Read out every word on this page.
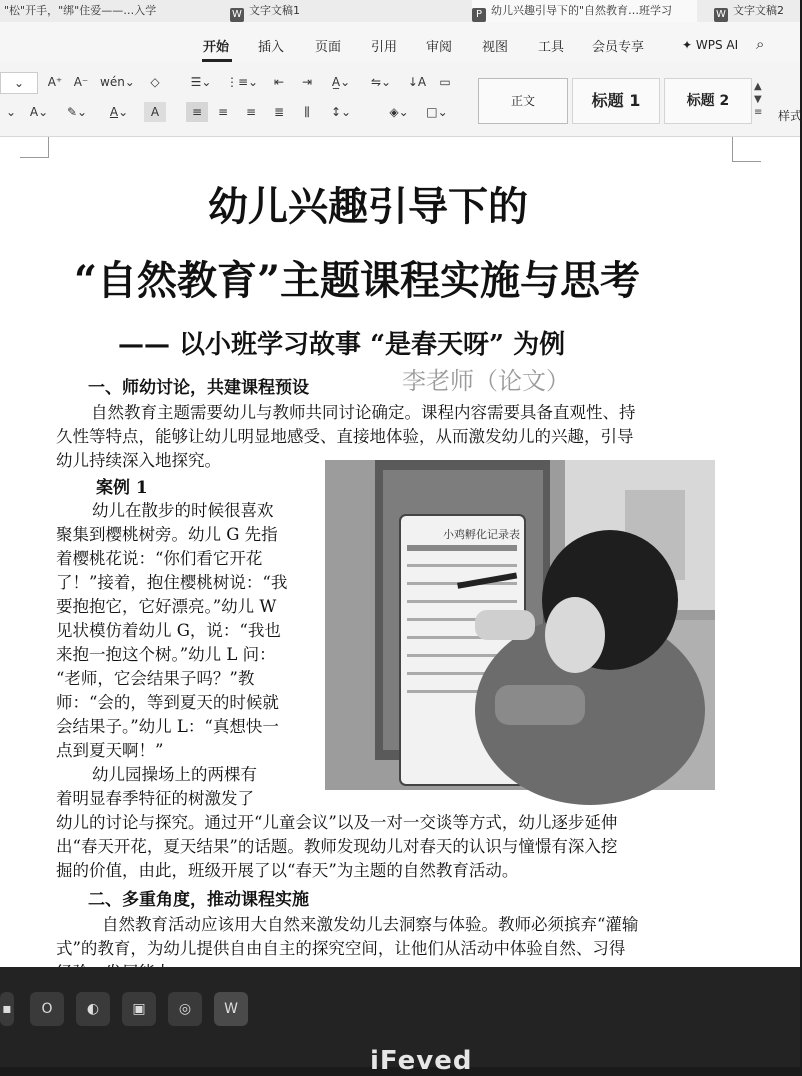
"松"开手，"绑"住爱——…入学	W 文字文稿1	P 幼儿兴趣引导下的"自然教育…班学习	W 文字文稿2
开始 插入 页面 引用 审阅 视图 工具 会员专享	✦ WPS AI ⌕
⌄	A⁺ A⁻ wén⌄	◇	☰⌄	⋮≡⌄	⇤	⇥	A̲⌄	⇋⌄	↓A	▭
⌄	A⌄	✎⌄	A⌄	A	≡	≡	≡	≣	⫼	↕⌄	◈⌄	□⌄
正文	标题 1	标题 2
▲
▼
≡ 样式
幼儿兴趣引导下的
“自然教育”主题课程实施与思考
—— 以小班学习故事 “是春天呀” 为例
一、师幼讨论，共建课程预设	李老师（论文）
自然教育主题需要幼儿与教师共同讨论确定。课程内容需要具备直观性、持
久性等特点，能够让幼儿明显地感受、直接地体验，从而激发幼儿的兴趣，引导
幼儿持续深入地探究。
案例 1
幼儿在散步的时候很喜欢
聚集到樱桃树旁。幼儿 G 先指
着樱桃花说：“你们看它开花
了！”接着，抱住樱桃树说：“我
要抱抱它，它好漂亮。”幼儿 W
见状模仿着幼儿 G，说：“我也
来抱一抱这个树。”幼儿 L 问：
“老师，它会结果子吗？”教
师：“会的，等到夏天的时候就
会结果子。”幼儿 L：“真想快一
点到夏天啊！”
幼儿园操场上的两棵有
着明显春季特征的树激发了
小鸡孵化记录表
幼儿的讨论与探究。通过开“儿童会议”以及一对一交谈等方式，幼儿逐步延伸
出“春天开花，夏天结果”的话题。教师发现幼儿对春天的认识与憧憬有深入挖
掘的价值，由此，班级开展了以“春天”为主题的自然教育活动。
二、多重角度，推动课程实施
自然教育活动应该用大自然来激发幼儿去洞察与体验。教师必须摈弃“灌输
式”的教育，为幼儿提供自由自主的探究空间，让他们从活动中体验自然、习得
▪	O	◐	▣	◎	W
iFeved
